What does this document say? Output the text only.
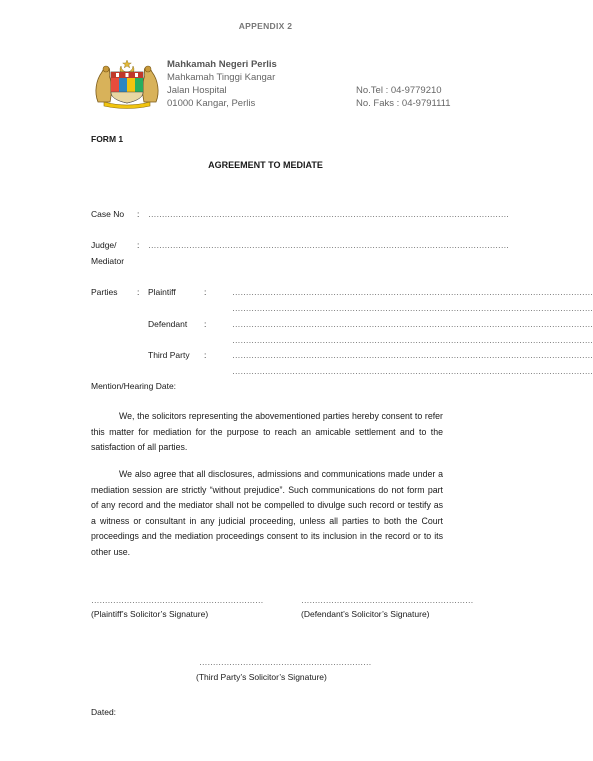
APPENDIX 2
Mahkamah Negeri Perlis
Mahkamah Tinggi Kangar
Jalan Hospital
01000 Kangar, Perlis
No.Tel : 04-9779210
No. Faks : 04-9791111
FORM 1
AGREEMENT TO MEDIATE
Case No : ……………………………………………………………………………………………………………………
Judge/
Mediator
: ……………………………………………………………………………………………………………………
Parties : Plaintiff	:	……………………………………………………………………………………………………………………
……………………………………………………………………………………………………………………
Defendant :	……………………………………………………………………………………………………………………
……………………………………………………………………………………………………………………
Third Party :	……………………………………………………………………………………………………………………
……………………………………………………………………………………………………………………
Mention/Hearing Date:
We, the solicitors representing the abovementioned parties hereby consent to refer this matter for mediation for the purpose to reach an amicable settlement and to the satisfaction of all parties.
We also agree that all disclosures, admissions and communications made under a mediation session are strictly “without prejudice”. Such communications do not form part of any record and the mediator shall not be compelled to divulge such record or testify as a witness or consultant in any judicial proceeding, unless all parties to both the Court proceedings and the mediation proceedings consent to its inclusion in the record or to its other use.
………………………………………………………
(Plaintiff’s Solicitor’s Signature)
………………………………………………………
(Defendant’s Solicitor’s Signature)
………………………………………………………
(Third Party’s Solicitor’s Signature)
Dated:
